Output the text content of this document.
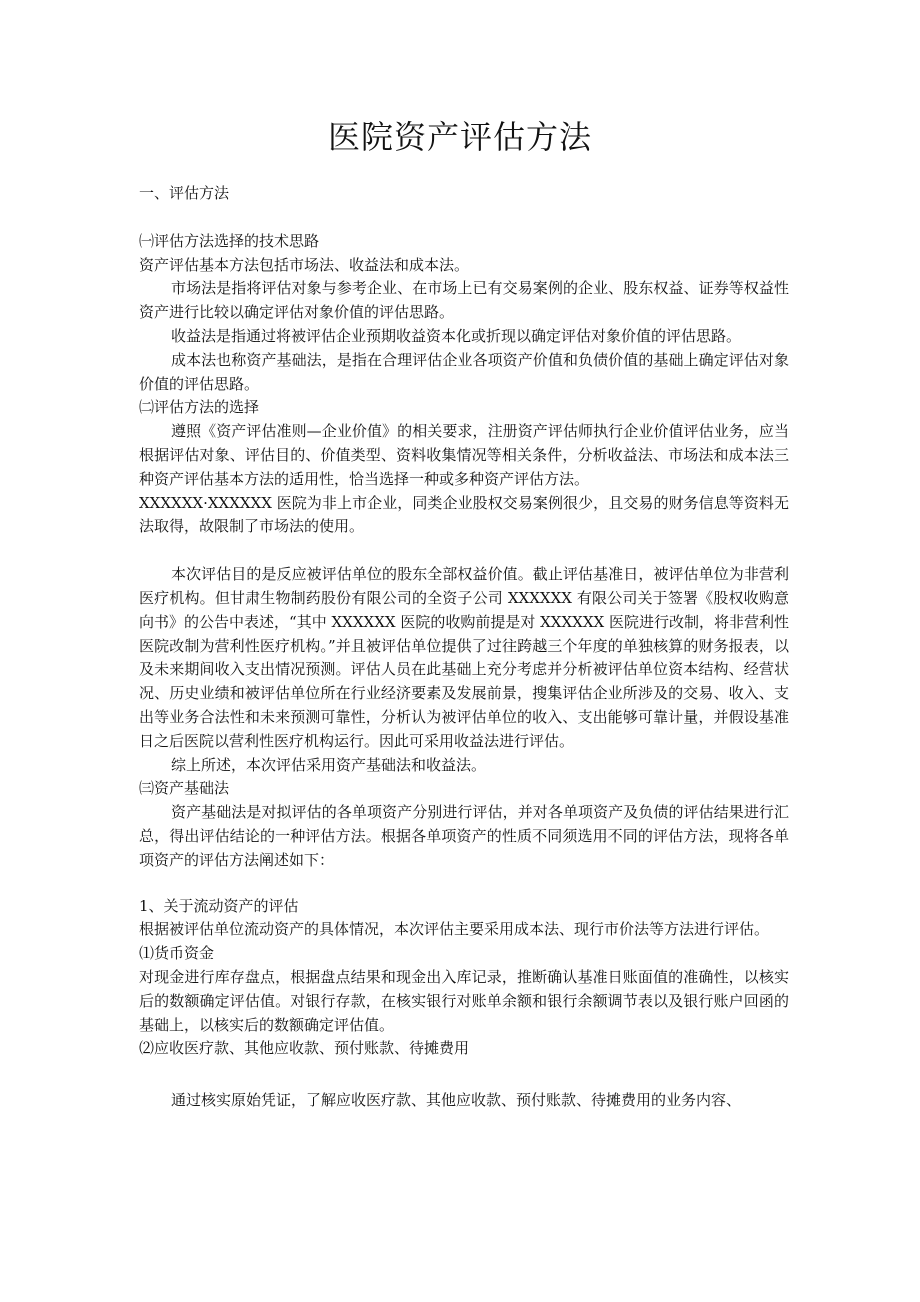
医院资产评估方法

一、评估方法

㈠评估方法选择的技术思路

资产评估基本方法包括市场法、收益法和成本法。

市场法是指将评估对象与参考企业、在市场上已有交易案例的企业、股东权益、证券等权益性资产进行比较以确定评估对象价值的评估思路。

收益法是指通过将被评估企业预期收益资本化或折现以确定评估对象价值的评估思路。

成本法也称资产基础法，是指在合理评估企业各项资产价值和负债价值的基础上确定评估对象价值的评估思路。

㈡评估方法的选择

遵照《资产评估准则—企业价值》的相关要求，注册资产评估师执行企业价值评估业务，应当根据评估对象、评估目的、价值类型、资料收集情况等相关条件，分析收益法、市场法和成本法三种资产评估基本方法的适用性，恰当选择一种或多种资产评估方法。

XXXXXX·XXXXXX 医院为非上市企业，同类企业股权交易案例很少，且交易的财务信息等资料无法取得，故限制了市场法的使用。

本次评估目的是反应被评估单位的股东全部权益价值。截止评估基准日，被评估单位为非营利医疗机构。但甘肃生物制药股份有限公司的全资子公司 XXXXXX 有限公司关于签署《股权收购意向书》的公告中表述，“其中 XXXXXX 医院的收购前提是对 XXXXXX 医院进行改制，将非营利性医院改制为营利性医疗机构。”并且被评估单位提供了过往跨越三个年度的单独核算的财务报表，以及未来期间收入支出情况预测。评估人员在此基础上充分考虑并分析被评估单位资本结构、经营状况、历史业绩和被评估单位所在行业经济要素及发展前景，搜集评估企业所涉及的交易、收入、支出等业务合法性和未来预测可靠性，分析认为被评估单位的收入、支出能够可靠计量，并假设基准日之后医院以营利性医疗机构运行。因此可采用收益法进行评估。

综上所述，本次评估采用资产基础法和收益法。

㈢资产基础法

资产基础法是对拟评估的各单项资产分别进行评估，并对各单项资产及负债的评估结果进行汇总，得出评估结论的一种评估方法。根据各单项资产的性质不同须选用不同的评估方法，现将各单项资产的评估方法阐述如下：

1、关于流动资产的评估

根据被评估单位流动资产的具体情况，本次评估主要采用成本法、现行市价法等方法进行评估。

⑴货币资金

对现金进行库存盘点，根据盘点结果和现金出入库记录，推断确认基准日账面值的准确性，以核实后的数额确定评估值。对银行存款，在核实银行对账单余额和银行余额调节表以及银行账户回函的基础上，以核实后的数额确定评估值。

⑵应收医疗款、其他应收款、预付账款、待摊费用

通过核实原始凭证，了解应收医疗款、其他应收款、预付账款、待摊费用的业务内容、
